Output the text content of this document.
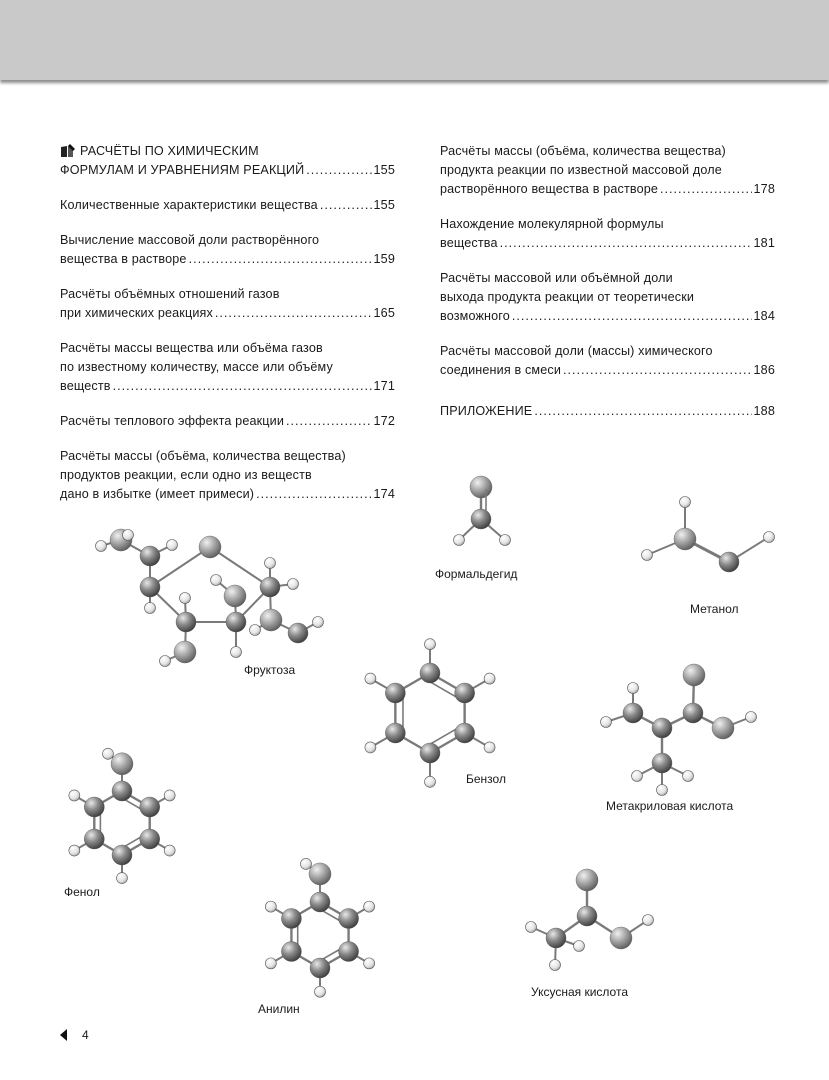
РАСЧЁТЫ ПО ХИМИЧЕСКИМ
ФОРМУЛАМ И УРАВНЕНИЯМ РЕАКЦИЙ .....	155
Количественные характеристики вещества .....	155
Вычисление массовой доли растворённого
вещества в растворе .....	159
Расчёты объёмных отношений газов
при химических реакциях .....	165
Расчёты массы вещества или объёма газов
по известному количеству, массе или объёму
веществ .....	171
Расчёты теплового эффекта реакции .....	172
Расчёты массы (объёма, количества вещества)
продуктов реакции, если одно из веществ
дано в избытке (имеет примеси) .....	174
Расчёты массы (объёма, количества вещества)
продукта реакции по известной массовой доле
растворённого вещества в растворе .....	178
Нахождение молекулярной формулы
вещества .....	181
Расчёты массовой или объёмной доли
выхода продукта реакции от теоретически
возможного .....	184
Расчёты массовой доли (массы) химического
соединения в смеси .....	186
ПРИЛОЖЕНИЕ .....	188
Фруктоза
Формальдегид
Метанол
Бензол
Метакриловая кислота
Фенол
Анилин
Уксусная кислота
4
